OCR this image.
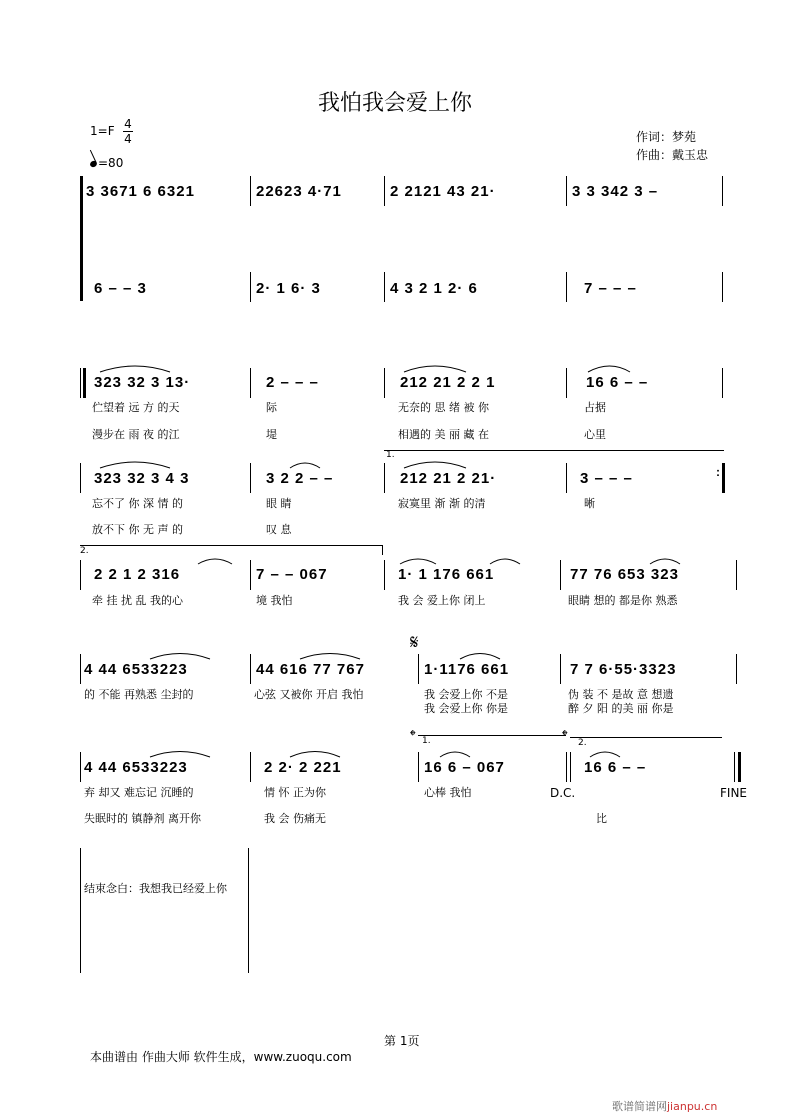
我怕我会爱上你
1=F 4
4
=80
作词：梦苑
作曲：戴玉忠
3 3671 6 6321	22623 4·71	2 2121 43 21·	3 3 342 3 –
6 – – 3	2· 1 6· 3	4 3 2 1 2· 6	7 – – –
323 32 3 13·
伫望着 远 方 的天
漫步在 雨 夜 的江
2 – – –
际
堤
212 21 2 2 1
无奈的 思 绪 被 你
相遇的 美 丽 藏 在
16 6 – –
占据
心里
323 32 3 4 3
忘不了 你 深 情 的
放不下 你 无 声 的
3 2 2 – –
眼 睛
叹 息
1.
212 21 2 21·
寂寞里 渐 渐 的清
3 – – –
晰
:
2.
2 2 1 2 316
牵 挂 扰 乱 我的心
7 – – 067
境 我怕
1· 1 176 661
我 会 爱上你 闭上
77 76 653 323
眼睛 想的 都是你 熟悉
4 44 6533223
的 不能 再熟悉 尘封的
44 616 77 767
心弦 又被你 开启 我怕
𝄋
1·1176 661
我 会爱上你 不是
我 会爱上你 你是
7 7 6·55·3323
伪 装 不 是故 意 想遗
醉 夕 阳 的美 丽 你是
4 44 6533223
弃 却又 难忘记 沉睡的
失眠时的 镇静剂 离开你
2 2· 2 221
情 怀 正为你
我 会 伤痛无
𝄌 1.
16 6 – 067
心棒 我怕	D.C.
比
𝄌 2.
16 6 – –
FINE
结束念白：我想我已经爱上你
第 1页
本曲谱由 作曲大师 软件生成，www.zuoqu.com
歌谱简谱网jianpu.cn
